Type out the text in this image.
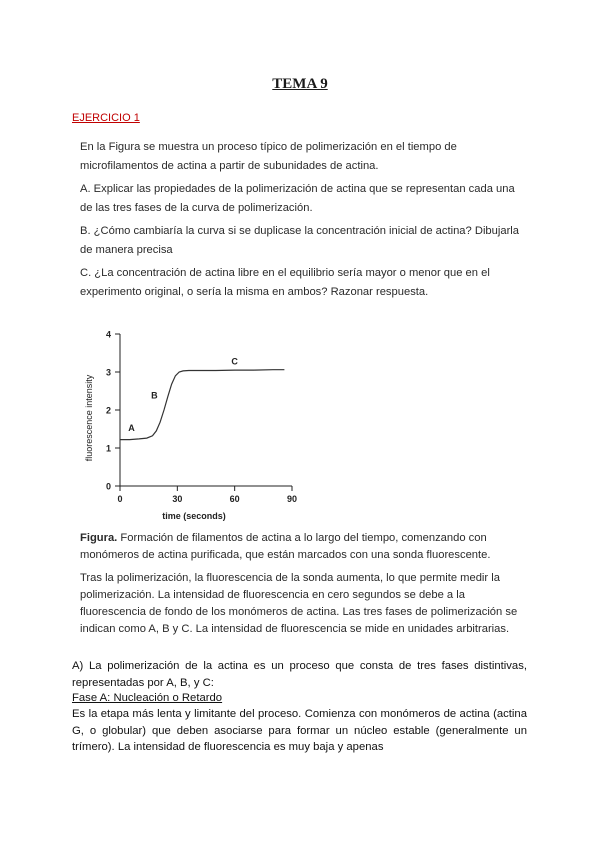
TEMA 9
EJERCICIO 1
En la Figura se muestra un proceso típico de polimerización en el tiempo de microfilamentos de actina a partir de subunidades de actina.
A. Explicar las propiedades de la polimerización de actina que se representan cada una de las tres fases de la curva de polimerización.
B. ¿Cómo cambiaría la curva si se duplicase la concentración inicial de actina? Dibujarla de manera precisa
C. ¿La concentración de actina libre en el equilibrio sería mayor o menor que en el experimento original, o sería la misma en ambos? Razonar respuesta.
0
1
2
3
4
0	30	60	90
time (seconds)
fluorescence intensity	A
B
C
Figura. Formación de filamentos de actina a lo largo del tiempo, comenzando con monómeros de actina purificada, que están marcados con una sonda fluorescente.
Tras la polimerización, la fluorescencia de la sonda aumenta, lo que permite medir la polimerización. La intensidad de fluorescencia en cero segundos se debe a la fluorescencia de fondo de los monómeros de actina. Las tres fases de polimerización se indican como A, B y C. La intensidad de fluorescencia se mide en unidades arbitrarias.
A) La polimerización de la actina es un proceso que consta de tres fases distintivas, representadas por A, B, y C:
Fase A: Nucleación o Retardo
Es la etapa más lenta y limitante del proceso. Comienza con monómeros de actina (actina G, o globular) que deben asociarse para formar un núcleo estable (generalmente un trímero). La intensidad de fluorescencia es muy baja y apenas
